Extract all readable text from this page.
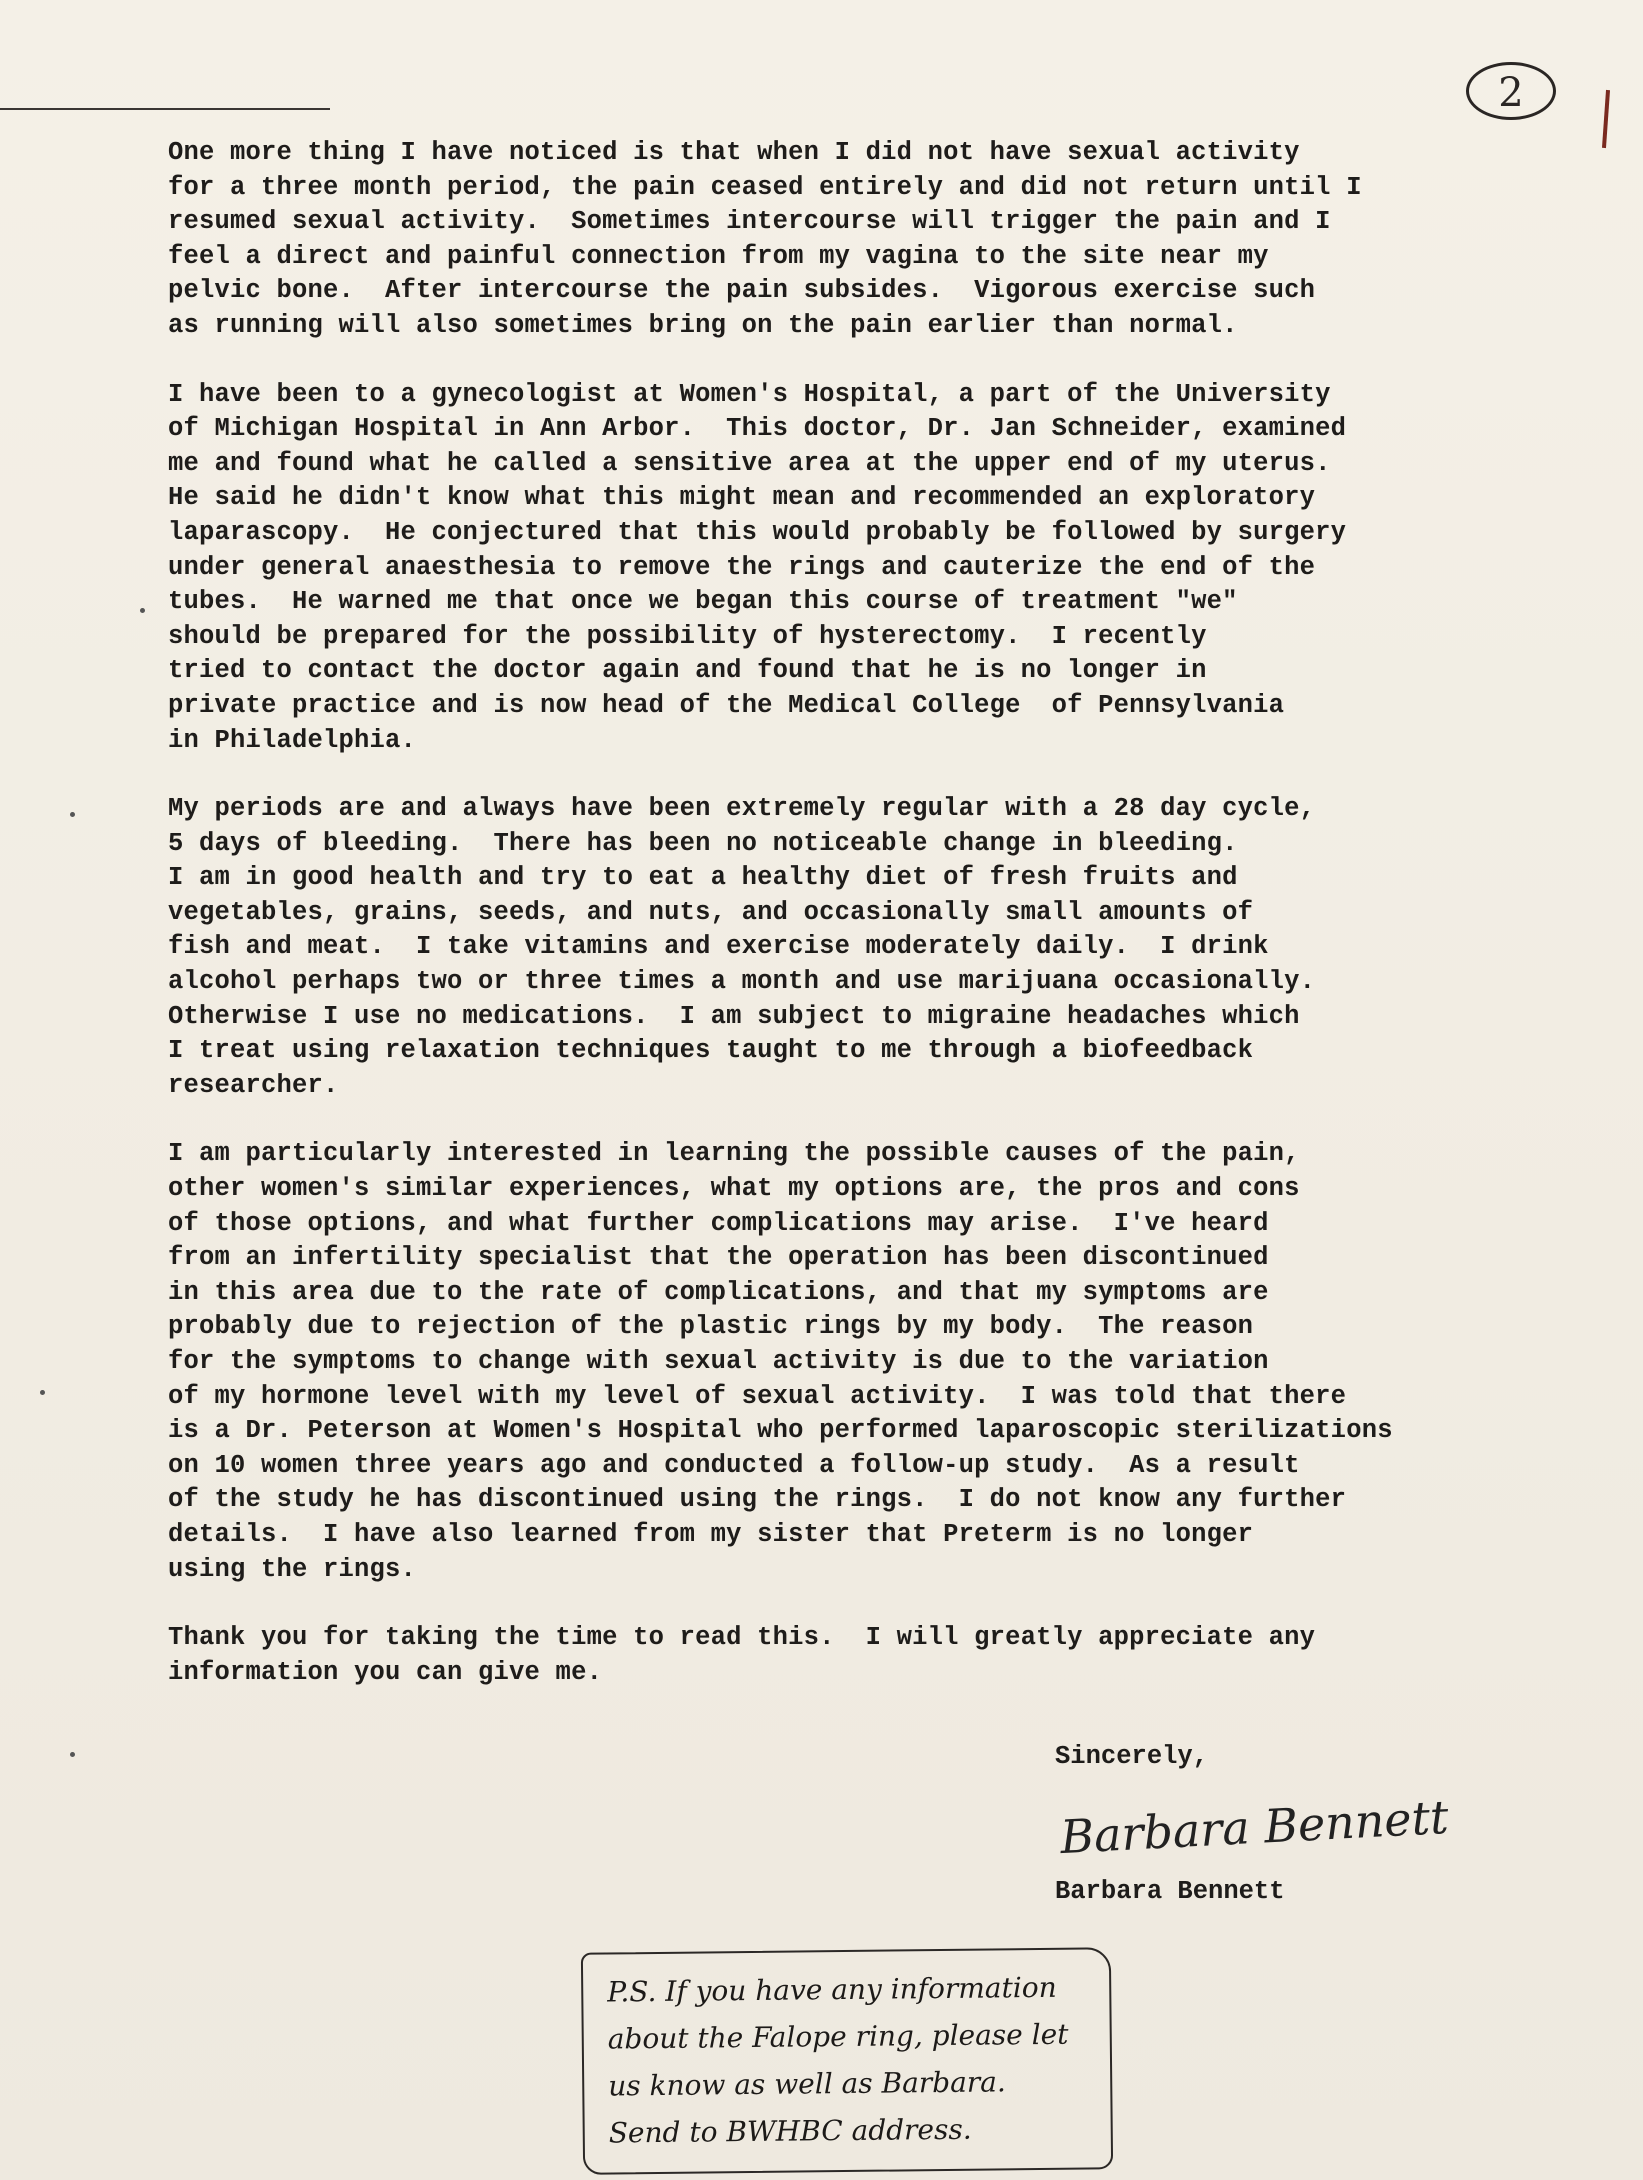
2
One more thing I have noticed is that when I did not have sexual activity
for a three month period, the pain ceased entirely and did not return until I
resumed sexual activity.  Sometimes intercourse will trigger the pain and I
feel a direct and painful connection from my vagina to the site near my
pelvic bone.  After intercourse the pain subsides.  Vigorous exercise such
as running will also sometimes bring on the pain earlier than normal.
I have been to a gynecologist at Women's Hospital, a part of the University
of Michigan Hospital in Ann Arbor.  This doctor, Dr. Jan Schneider, examined
me and found what he called a sensitive area at the upper end of my uterus.
He said he didn't know what this might mean and recommended an exploratory
laparascopy.  He conjectured that this would probably be followed by surgery
under general anaesthesia to remove the rings and cauterize the end of the
tubes.  He warned me that once we began this course of treatment "we"
should be prepared for the possibility of hysterectomy.  I recently
tried to contact the doctor again and found that he is no longer in
private practice and is now head of the Medical College  of Pennsylvania
in Philadelphia.
My periods are and always have been extremely regular with a 28 day cycle,
5 days of bleeding.  There has been no noticeable change in bleeding.
I am in good health and try to eat a healthy diet of fresh fruits and
vegetables, grains, seeds, and nuts, and occasionally small amounts of
fish and meat.  I take vitamins and exercise moderately daily.  I drink
alcohol perhaps two or three times a month and use marijuana occasionally.
Otherwise I use no medications.  I am subject to migraine headaches which
I treat using relaxation techniques taught to me through a biofeedback
researcher.
I am particularly interested in learning the possible causes of the pain,
other women's similar experiences, what my options are, the pros and cons
of those options, and what further complications may arise.  I've heard
from an infertility specialist that the operation has been discontinued
in this area due to the rate of complications, and that my symptoms are
probably due to rejection of the plastic rings by my body.  The reason
for the symptoms to change with sexual activity is due to the variation
of my hormone level with my level of sexual activity.  I was told that there
is a Dr. Peterson at Women's Hospital who performed laparoscopic sterilizations
on 10 women three years ago and conducted a follow-up study.  As a result
of the study he has discontinued using the rings.  I do not know any further
details.  I have also learned from my sister that Preterm is no longer
using the rings.
Thank you for taking the time to read this.  I will greatly appreciate any
information you can give me.
Sincerely,
Barbara Bennett
Barbara Bennett
P.S. If you have any information
about the Falope ring, please let
us know as well as Barbara.
Send to BWHBC address.
